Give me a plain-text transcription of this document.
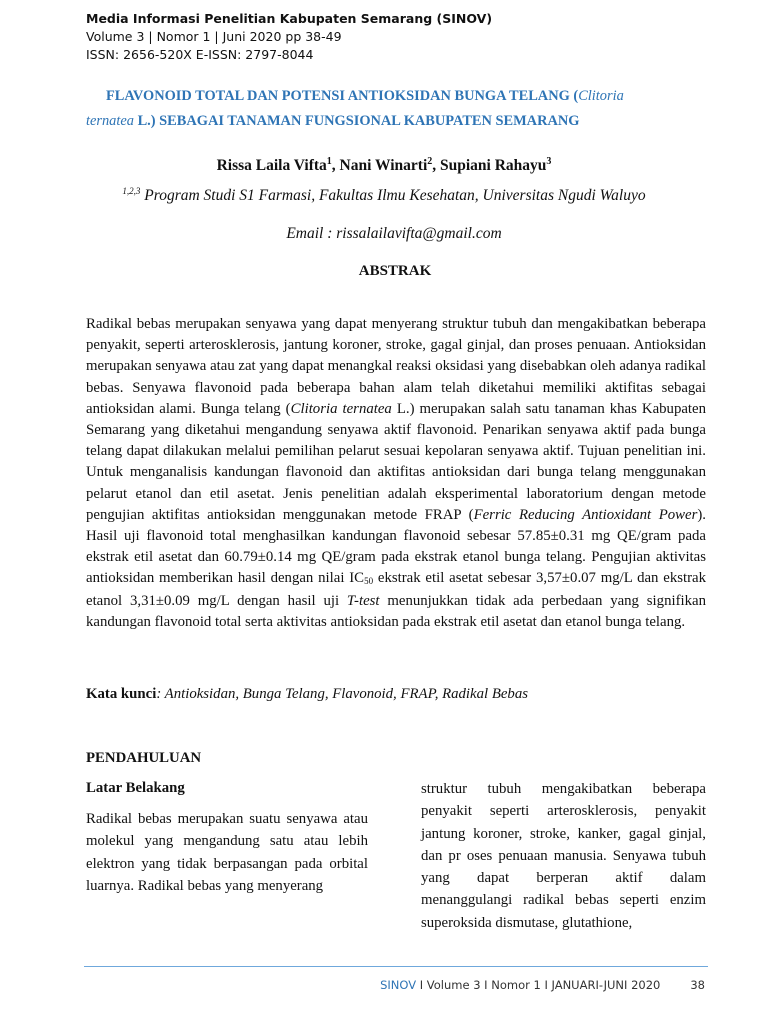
Media Informasi Penelitian Kabupaten Semarang (SINOV)
Volume 3 | Nomor 1 | Juni 2020 pp 38-49
ISSN: 2656-520X E-ISSN: 2797-8044
FLAVONOID TOTAL DAN POTENSI ANTIOKSIDAN BUNGA TELANG (Clitoria
ternatea L.) SEBAGAI TANAMAN FUNGSIONAL KABUPATEN SEMARANG
Rissa Laila Vifta$^1$, Nani Winarti$^2$, Supiani Rahayu$^3$
$^{1,2,3}$ Program Studi S1 Farmasi, Fakultas Ilmu Kesehatan, Universitas Ngudi Waluyo
Email : rissalailavifta@gmail.com
ABSTRAK

Radikal bebas merupakan senyawa yang dapat menyerang struktur tubuh dan mengakibatkan beberapa penyakit, seperti arterosklerosis, jantung koroner, stroke, gagal ginjal, dan proses penuaan. Antioksidan merupakan senyawa atau zat yang dapat menangkal reaksi oksidasi yang disebabkan oleh adanya radikal bebas. Senyawa flavonoid pada beberapa bahan alam telah diketahui memiliki aktifitas sebagai antioksidan alami. Bunga telang (Clitoria ternatea L.) merupakan salah satu tanaman khas Kabupaten Semarang yang diketahui mengandung senyawa aktif flavonoid. Penarikan senyawa aktif pada bunga telang dapat dilakukan melalui pemilihan pelarut sesuai kepolaran senyawa aktif. Tujuan penelitian ini. Untuk menganalisis kandungan flavonoid dan aktifitas antioksidan dari bunga telang menggunakan pelarut etanol dan etil asetat. Jenis penelitian adalah eksperimental laboratorium dengan metode pengujian aktifitas antioksidan menggunakan metode FRAP (Ferric Reducing Antioxidant Power). Hasil uji flavonoid total menghasilkan kandungan flavonoid sebesar 57.85±0.31 mg QE/gram pada ekstrak etil asetat dan 60.79±0.14 mg QE/gram pada ekstrak etanol bunga telang. Pengujian aktivitas antioksidan memberikan hasil dengan nilai $IC_{50}$ ekstrak etil asetat sebesar 3,57±0.07 mg/L dan ekstrak etanol 3,31±0.09 mg/L dengan hasil uji T-test menunjukkan tidak ada perbedaan yang signifikan kandungan flavonoid total serta aktivitas antioksidan pada ekstrak etil asetat dan etanol bunga telang.

Kata kunci: Antioksidan, Bunga Telang, Flavonoid, FRAP, Radikal Bebas

PENDAHULUAN
Latar Belakang

Radikal bebas merupakan suatu senyawa atau molekul yang mengandung satu atau lebih elektron yang tidak berpasangan pada orbital luarnya. Radikal bebas yang menyerang

struktur tubuh mengakibatkan beberapa penyakit seperti arterosklerosis, penyakit jantung koroner, stroke, kanker, gagal ginjal, dan pr oses penuaan manusia. Senyawa tubuh yang dapat berperan aktif dalam menanggulangi radikal bebas seperti enzim superoksida dismutase, glutathione,

SINOV I Volume 3 I Nomor 1 I JANUARI-JUNI 2020	38
